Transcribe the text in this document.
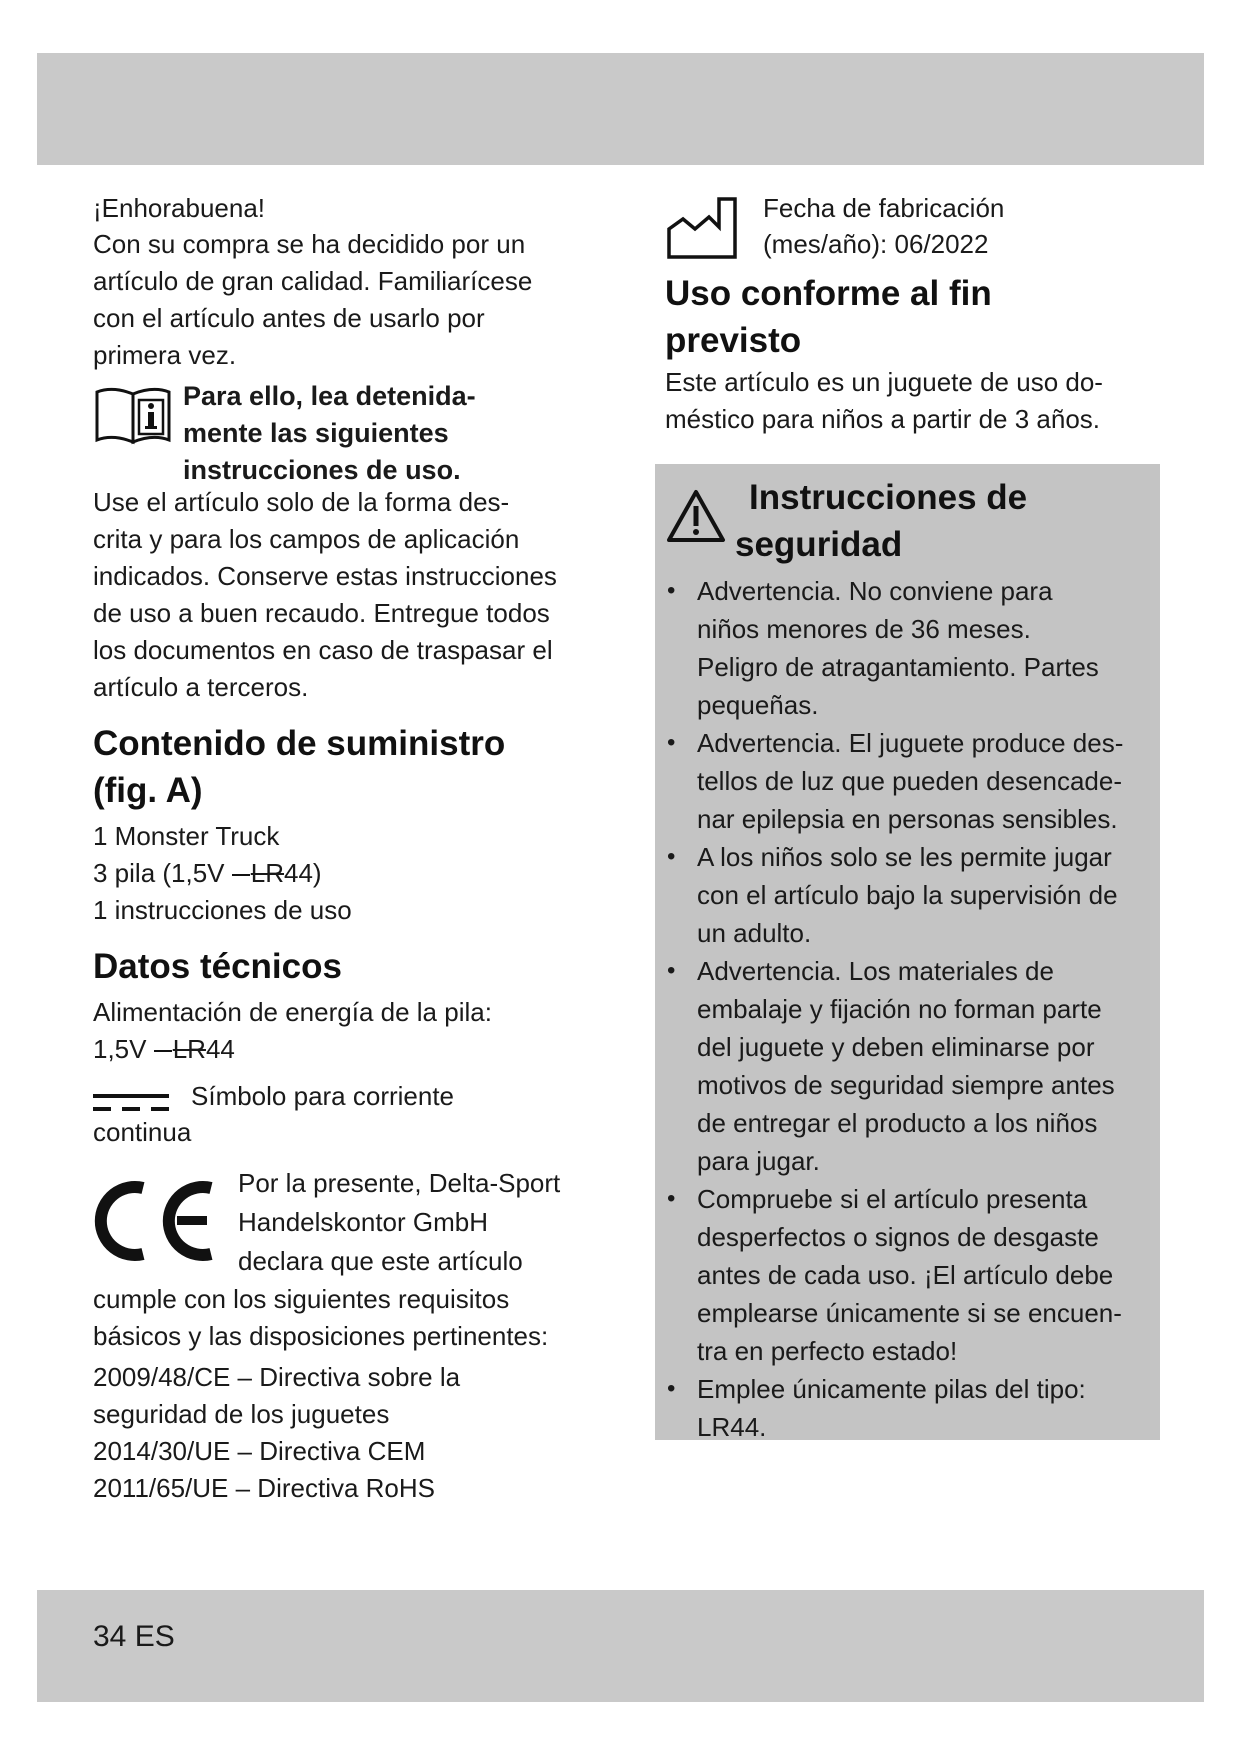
¡Enhorabuena!

Con su compra se ha decidido por un
artículo de gran calidad. Familiarícese
con el artículo antes de usarlo por
primera vez.
Para ello, lea detenida-
mente las siguientes
instrucciones de uso.
Use el artículo solo de la forma des-
crita y para los campos de aplicación
indicados. Conserve estas instrucciones
de uso a buen recaudo. Entregue todos
los documentos en caso de traspasar el
artículo a terceros.
Contenido de suministro
(fig. A)
1 Monster Truck
3 pila (1,5V LR44)
1 instrucciones de uso
Datos técnicos
Alimentación de energía de la pila:
1,5V LR44
Símbolo para corriente
continua
Por la presente, Delta-Sport
Handelskontor GmbH
declara que este artículo
cumple con los siguientes requisitos
básicos y las disposiciones pertinentes:
2009/48/CE – Directiva sobre la
seguridad de los juguetes
2014/30/UE – Directiva CEM
2011/65/UE – Directiva RoHS
Fecha de fabricación
(mes/año): 06/2022
Uso conforme al fin
previsto
Este artículo es un juguete de uso do-
méstico para niños a partir de 3 años.
Instrucciones de
seguridad
• Advertencia. No conviene para
niños menores de 36 meses.
Peligro de atragantamiento. Partes
pequeñas.
• Advertencia. El juguete produce des-
tellos de luz que pueden desencade-
nar epilepsia en personas sensibles.
• A los niños solo se les permite jugar
con el artículo bajo la supervisión de
un adulto.
• Advertencia. Los materiales de
embalaje y fijación no forman parte
del juguete y deben eliminarse por
motivos de seguridad siempre antes
de entregar el producto a los niños
para jugar.
• Compruebe si el artículo presenta
desperfectos o signos de desgaste
antes de cada uso. ¡El artículo debe
emplearse únicamente si se encuen-
tra en perfecto estado!
• Emplee únicamente pilas del tipo:
LR44.
34 ES
